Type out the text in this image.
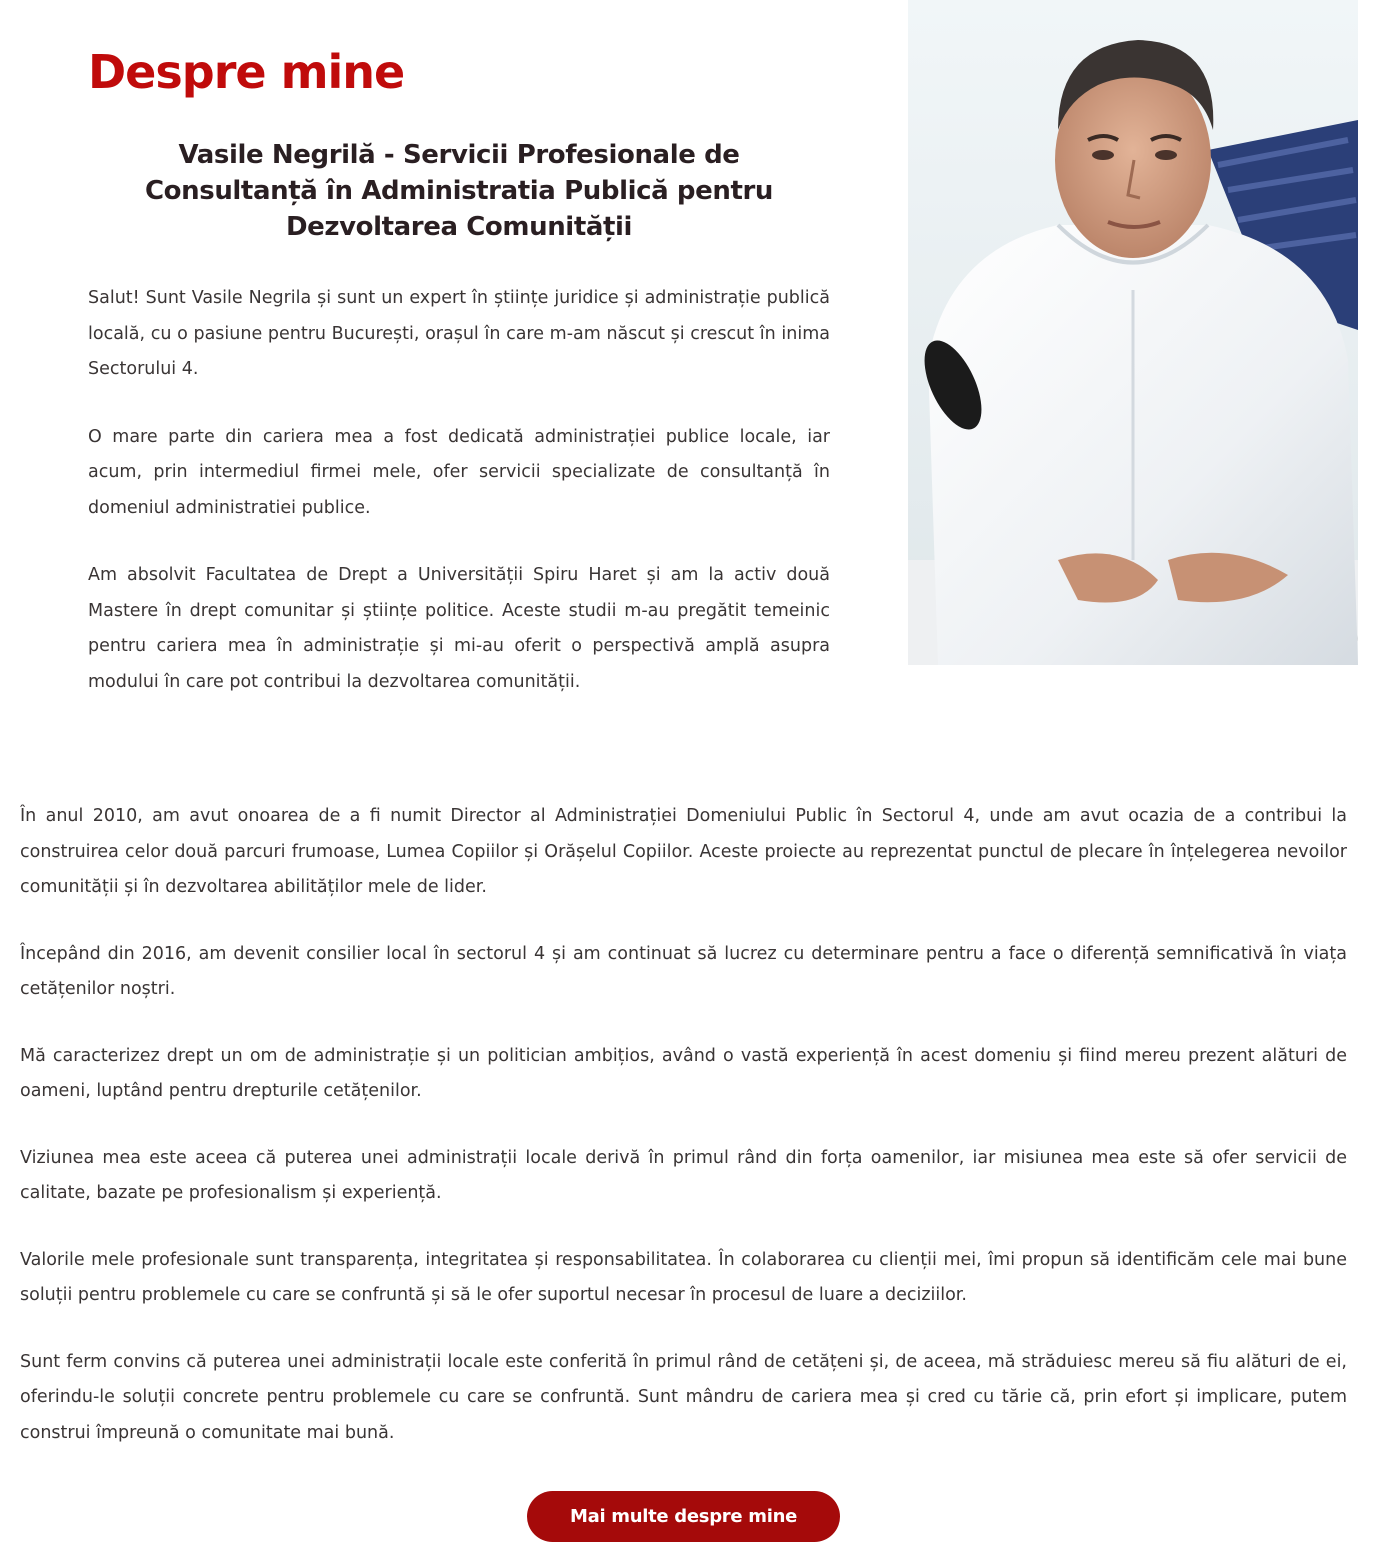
Despre mine
Vasile Negrilă - Servicii Profesionale de Consultanță în Administratia Publică pentru Dezvoltarea Comunității

Salut! Sunt Vasile Negrila și sunt un expert în științe juridice și administrație publică locală, cu o pasiune pentru București, orașul în care m-am născut și crescut în inima Sectorului 4.

O mare parte din cariera mea a fost dedicată administrației publice locale, iar acum, prin intermediul firmei mele, ofer servicii specializate de consultanță în domeniul administratiei publice.

Am absolvit Facultatea de Drept a Universității Spiru Haret și am la activ două Mastere în drept comunitar și științe politice. Aceste studii m-au pregătit temeinic pentru cariera mea în administrație și mi-au oferit o perspectivă amplă asupra modului în care pot contribui la dezvoltarea comunității.

În anul 2010, am avut onoarea de a fi numit Director al Administrației Domeniului Public în Sectorul 4, unde am avut ocazia de a contribui la construirea celor două parcuri frumoase, Lumea Copiilor și Orășelul Copiilor. Aceste proiecte au reprezentat punctul de plecare în înțelegerea nevoilor comunității și în dezvoltarea abilităților mele de lider.

Începând din 2016, am devenit consilier local în sectorul 4 și am continuat să lucrez cu determinare pentru a face o diferență semnificativă în viața cetățenilor noștri.

Mă caracterizez drept un om de administrație și un politician ambițios, având o vastă experiență în acest domeniu și fiind mereu prezent alături de oameni, luptând pentru drepturile cetățenilor.

Viziunea mea este aceea că puterea unei administrații locale derivă în primul rând din forța oamenilor, iar misiunea mea este să ofer servicii de calitate, bazate pe profesionalism și experiență.

Valorile mele profesionale sunt transparența, integritatea și responsabilitatea. În colaborarea cu clienții mei, îmi propun să identificăm cele mai bune soluții pentru problemele cu care se confruntă și să le ofer suportul necesar în procesul de luare a deciziilor.

Sunt ferm convins că puterea unei administrații locale este conferită în primul rând de cetățeni și, de aceea, mă străduiesc mereu să fiu alături de ei, oferindu-le soluții concrete pentru problemele cu care se confruntă. Sunt mândru de cariera mea și cred cu tărie că, prin efort și implicare, putem construi împreună o comunitate mai bună.

Mai multe despre mine
